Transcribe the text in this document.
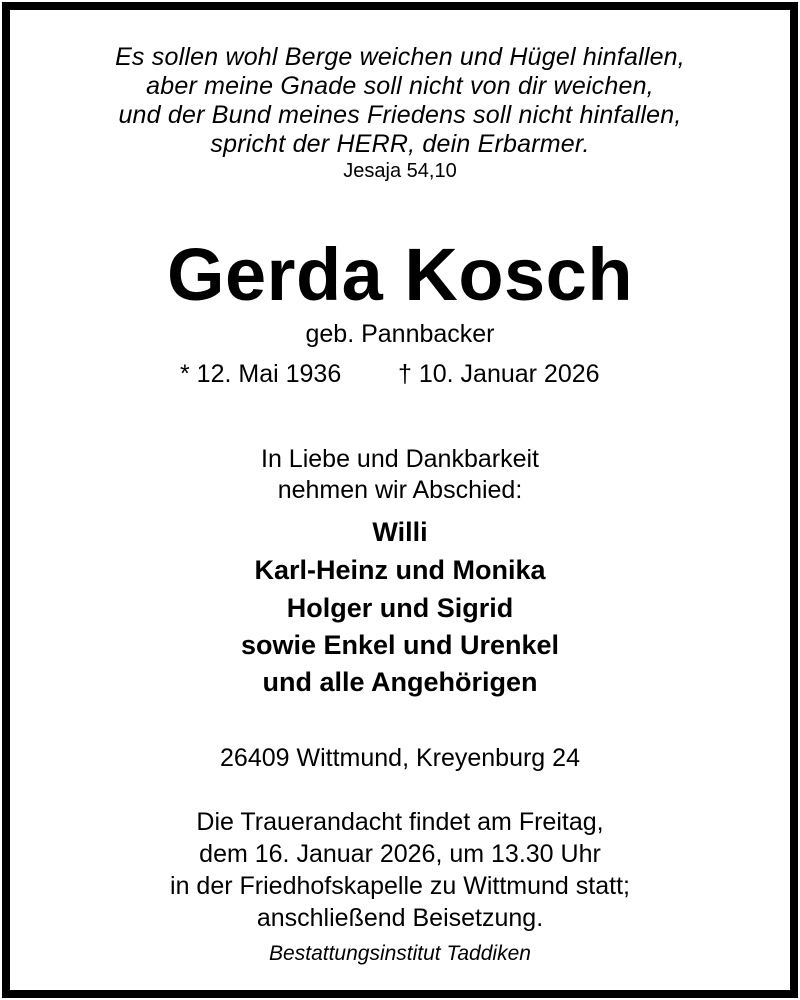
Es sollen wohl Berge weichen und Hügel hinfallen,
aber meine Gnade soll nicht von dir weichen,
und der Bund meines Friedens soll nicht hinfallen,
spricht der HERR, dein Erbarmer.
Jesaja 54,10
Gerda Kosch
geb. Pannbacker
* 12. Mai 1936 † 10. Januar 2026
In Liebe und Dankbarkeit
nehmen wir Abschied:
Willi
Karl-Heinz und Monika
Holger und Sigrid
sowie Enkel und Urenkel
und alle Angehörigen
26409 Wittmund, Kreyenburg 24
Die Trauerandacht findet am Freitag,
dem 16. Januar 2026, um 13.30 Uhr
in der Friedhofskapelle zu Wittmund statt;
anschließend Beisetzung.
Bestattungsinstitut Taddiken
